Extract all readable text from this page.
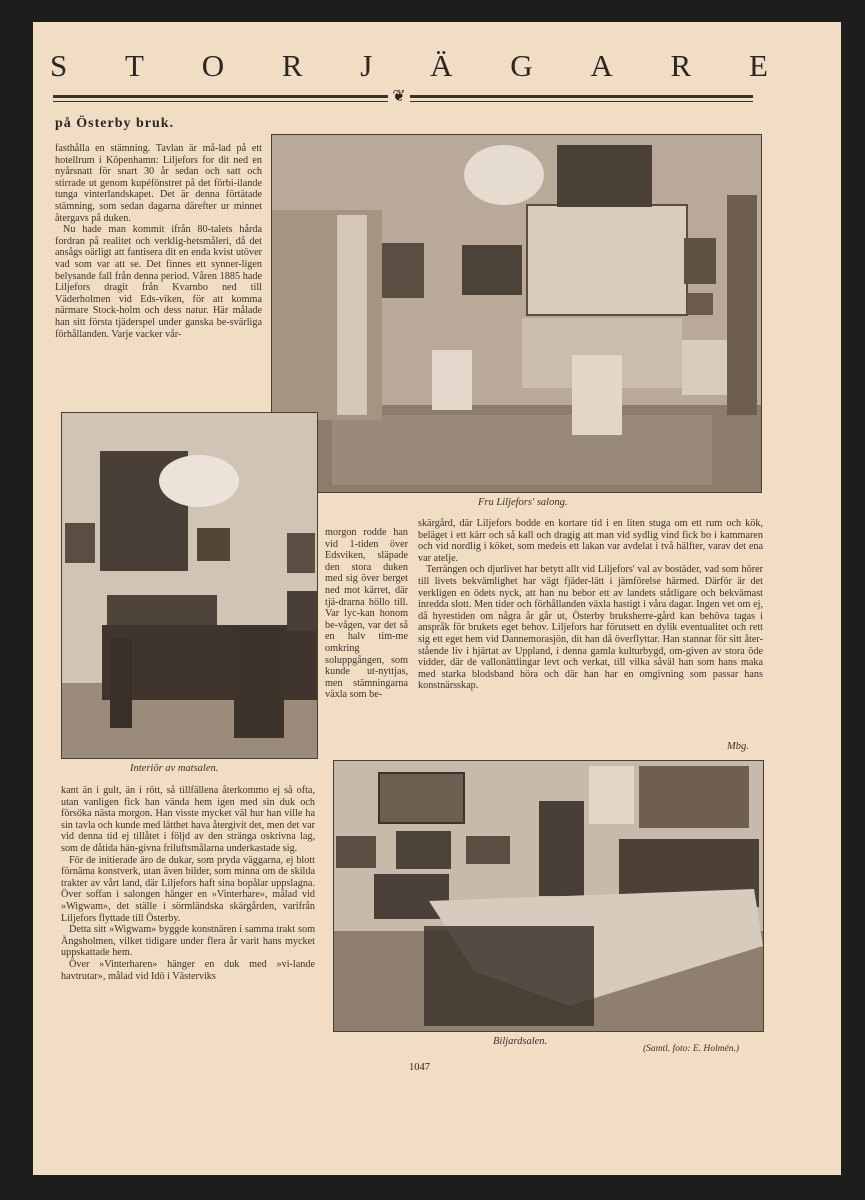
S T O R J Ä G A R E
❦
på Österby bruk.

fasthålla en stämning. Tavlan är må-lad på ett hotellrum i Köpenhamn: Liljefors for dit ned en nyårsnatt för snart 30 år sedan och satt och stirrade ut genom kupéfönstret på det förbi-ilande tunga vinterlandskapet. Det är denna förtätade stämning, som sedan dagarna därefter ur minnet återgavs på duken.

Nu hade man kommit ifrån 80-talets hårda fordran på realitet och verklig-hetsmåleri, då det ansågs oärligt att fantisera dit en enda kvist utöver vad som var att se. Det finnes ett synner-ligen belysande fall från denna period. Våren 1885 hade Liljefors dragit från Kvarnbo ned till Väderholmen vid Eds-viken, för att komma närmare Stock-holm och dess natur. Här målade han sitt första tjäderspel under ganska be-svärliga förhållanden. Varje vacker vår-

Fru Liljefors' salong.
Interiör av matsalen.

morgon rodde han vid 1-tiden över Edsviken, släpade den stora duken med sig över berget ned mot kärret, där tjä-drarna höllo till. Var lyc-kan honom be-vågen, var det så en halv tim-me omkring soluppgången, som kunde ut-nyttjas, men stämningarna växla som be-

skärgård, där Liljefors bodde en kortare tid i en liten stuga om ett rum och kök, beläget i ett kärr och så kall och dragig att man vid sydlig vind fick bo i kammaren och vid nordlig i köket, som medeis ett lakan var avdelat i två hälfter, varav det ena var atelje.

Terrängen och djurlivet har betytt allt vid Liljefors' val av bostäder, vad som hörer till livets bekvämlighet har vägt fjäder-lätt i jämförelse härmed. Därför är det verkligen en ödets nyck, att han nu bebor ett av landets ståtligare och bekvämast inredda slott. Men tider och förhållanden växla hastigt i våra dagar. Ingen vet om ej, då hyrestiden om några år går ut, Österby bruksherre-gård kan behöva tagas i anspråk för brukets eget behov. Liljefors har förutsett en dylik eventualitet och rett sig ett eget hem vid Dannemorasjön, dit han då överflyttar. Han stannar för sitt åter-stående liv i hjärtat av Uppland, i denna gamla kulturbygd, om-given av stora öde vidder, där de vallonättlingar levt och verkat, till vilka såväl han som hans maka med starka blodsband höra och där han har en omgivning som passar hans konstnärsskap.

Mbg.

kant än i gult, än i rött, så tillfällena återkommo ej så ofta, utan vanligen fick han vända hem igen med sin duk och försöka nästa morgon. Han visste mycket väl hur han ville ha sin tavla och kunde med lätthet hava återgivit det, men det var vid denna tid ej tillåtet i följd av den stränga oskrivna lag, som de dåtida hän-givna friluftsmålarna underkastade sig.

För de initierade äro de dukar, som pryda väggarna, ej blott förnäma konstverk, utan även bilder, som minna om de skilda trakter av vårt land, där Liljefors haft sina bopålar uppslagna. Över soffan i salongen hänger en »Vinterhare», målad vid »Wigwam», det ställe i sörmländska skärgården, varifrån Liljefors flyttade till Österby.

Detta sitt »Wigwam» byggde konstnären i samma trakt som Ängsholmen, vilket tidigare under flera år varit hans mycket uppskattade hem.

Över »Vinterharen» hänger en duk med »vi-lande havtrutar», målad vid Idö i Västerviks

Biljardsalen.
(Samtl. foto: E. Holmén.)
1047
